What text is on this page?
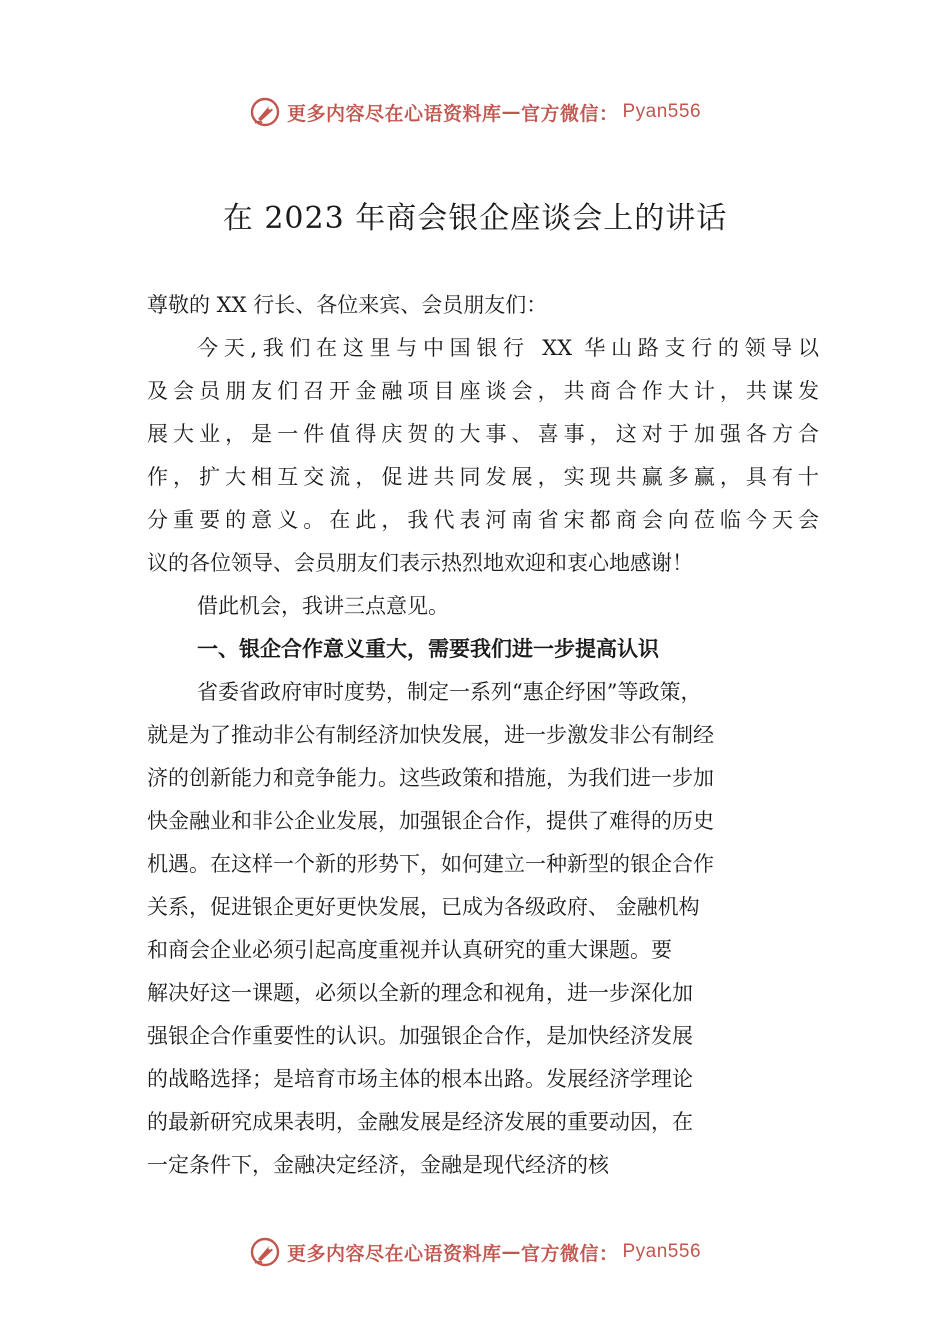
更多内容尽在心语资料库 — 官方微信： Pyan556
在 2023 年商会银企座谈会上的讲话
尊敬的 XX 行长、各位来宾、会员朋友们：
今天,我们在这里与中国银行 XX 华山路支行的领导以
及会员朋友们召开金融项目座谈会，共商合作大计，共谋发
展大业，是一件值得庆贺的大事、喜事，这对于加强各方合
作，扩大相互交流，促进共同发展，实现共赢多赢，具有十
分重要的意义。在此，我代表河南省宋都商会向莅临今天会
议的各位领导、会员朋友们表示热烈地欢迎和衷心地感谢！
借此机会，我讲三点意见。
一、银企合作意义重大，需要我们进一步提高认识
省委省政府审时度势，制定一系列“惠企纾困”等政策，
就是为了推动非公有制经济加快发展，进一步激发非公有制经
济的创新能力和竞争能力。这些政策和措施，为我们进一步加
快金融业和非公企业发展，加强银企合作，提供了难得的历史
机遇。在这样一个新的形势下，如何建立一种新型的银企合作
关系，促进银企更好更快发展，已成为各级政府、 金融机构
和商会企业必须引起高度重视并认真研究的重大课题。要
解决好这一课题，必须以全新的理念和视角，进一步深化加
强银企合作重要性的认识。加强银企合作，是加快经济发展
的战略选择；是培育市场主体的根本出路。发展经济学理论
的最新研究成果表明，金融发展是经济发展的重要动因，在
一定条件下，金融决定经济，金融是现代经济的核
更多内容尽在心语资料库 — 官方微信： Pyan556
